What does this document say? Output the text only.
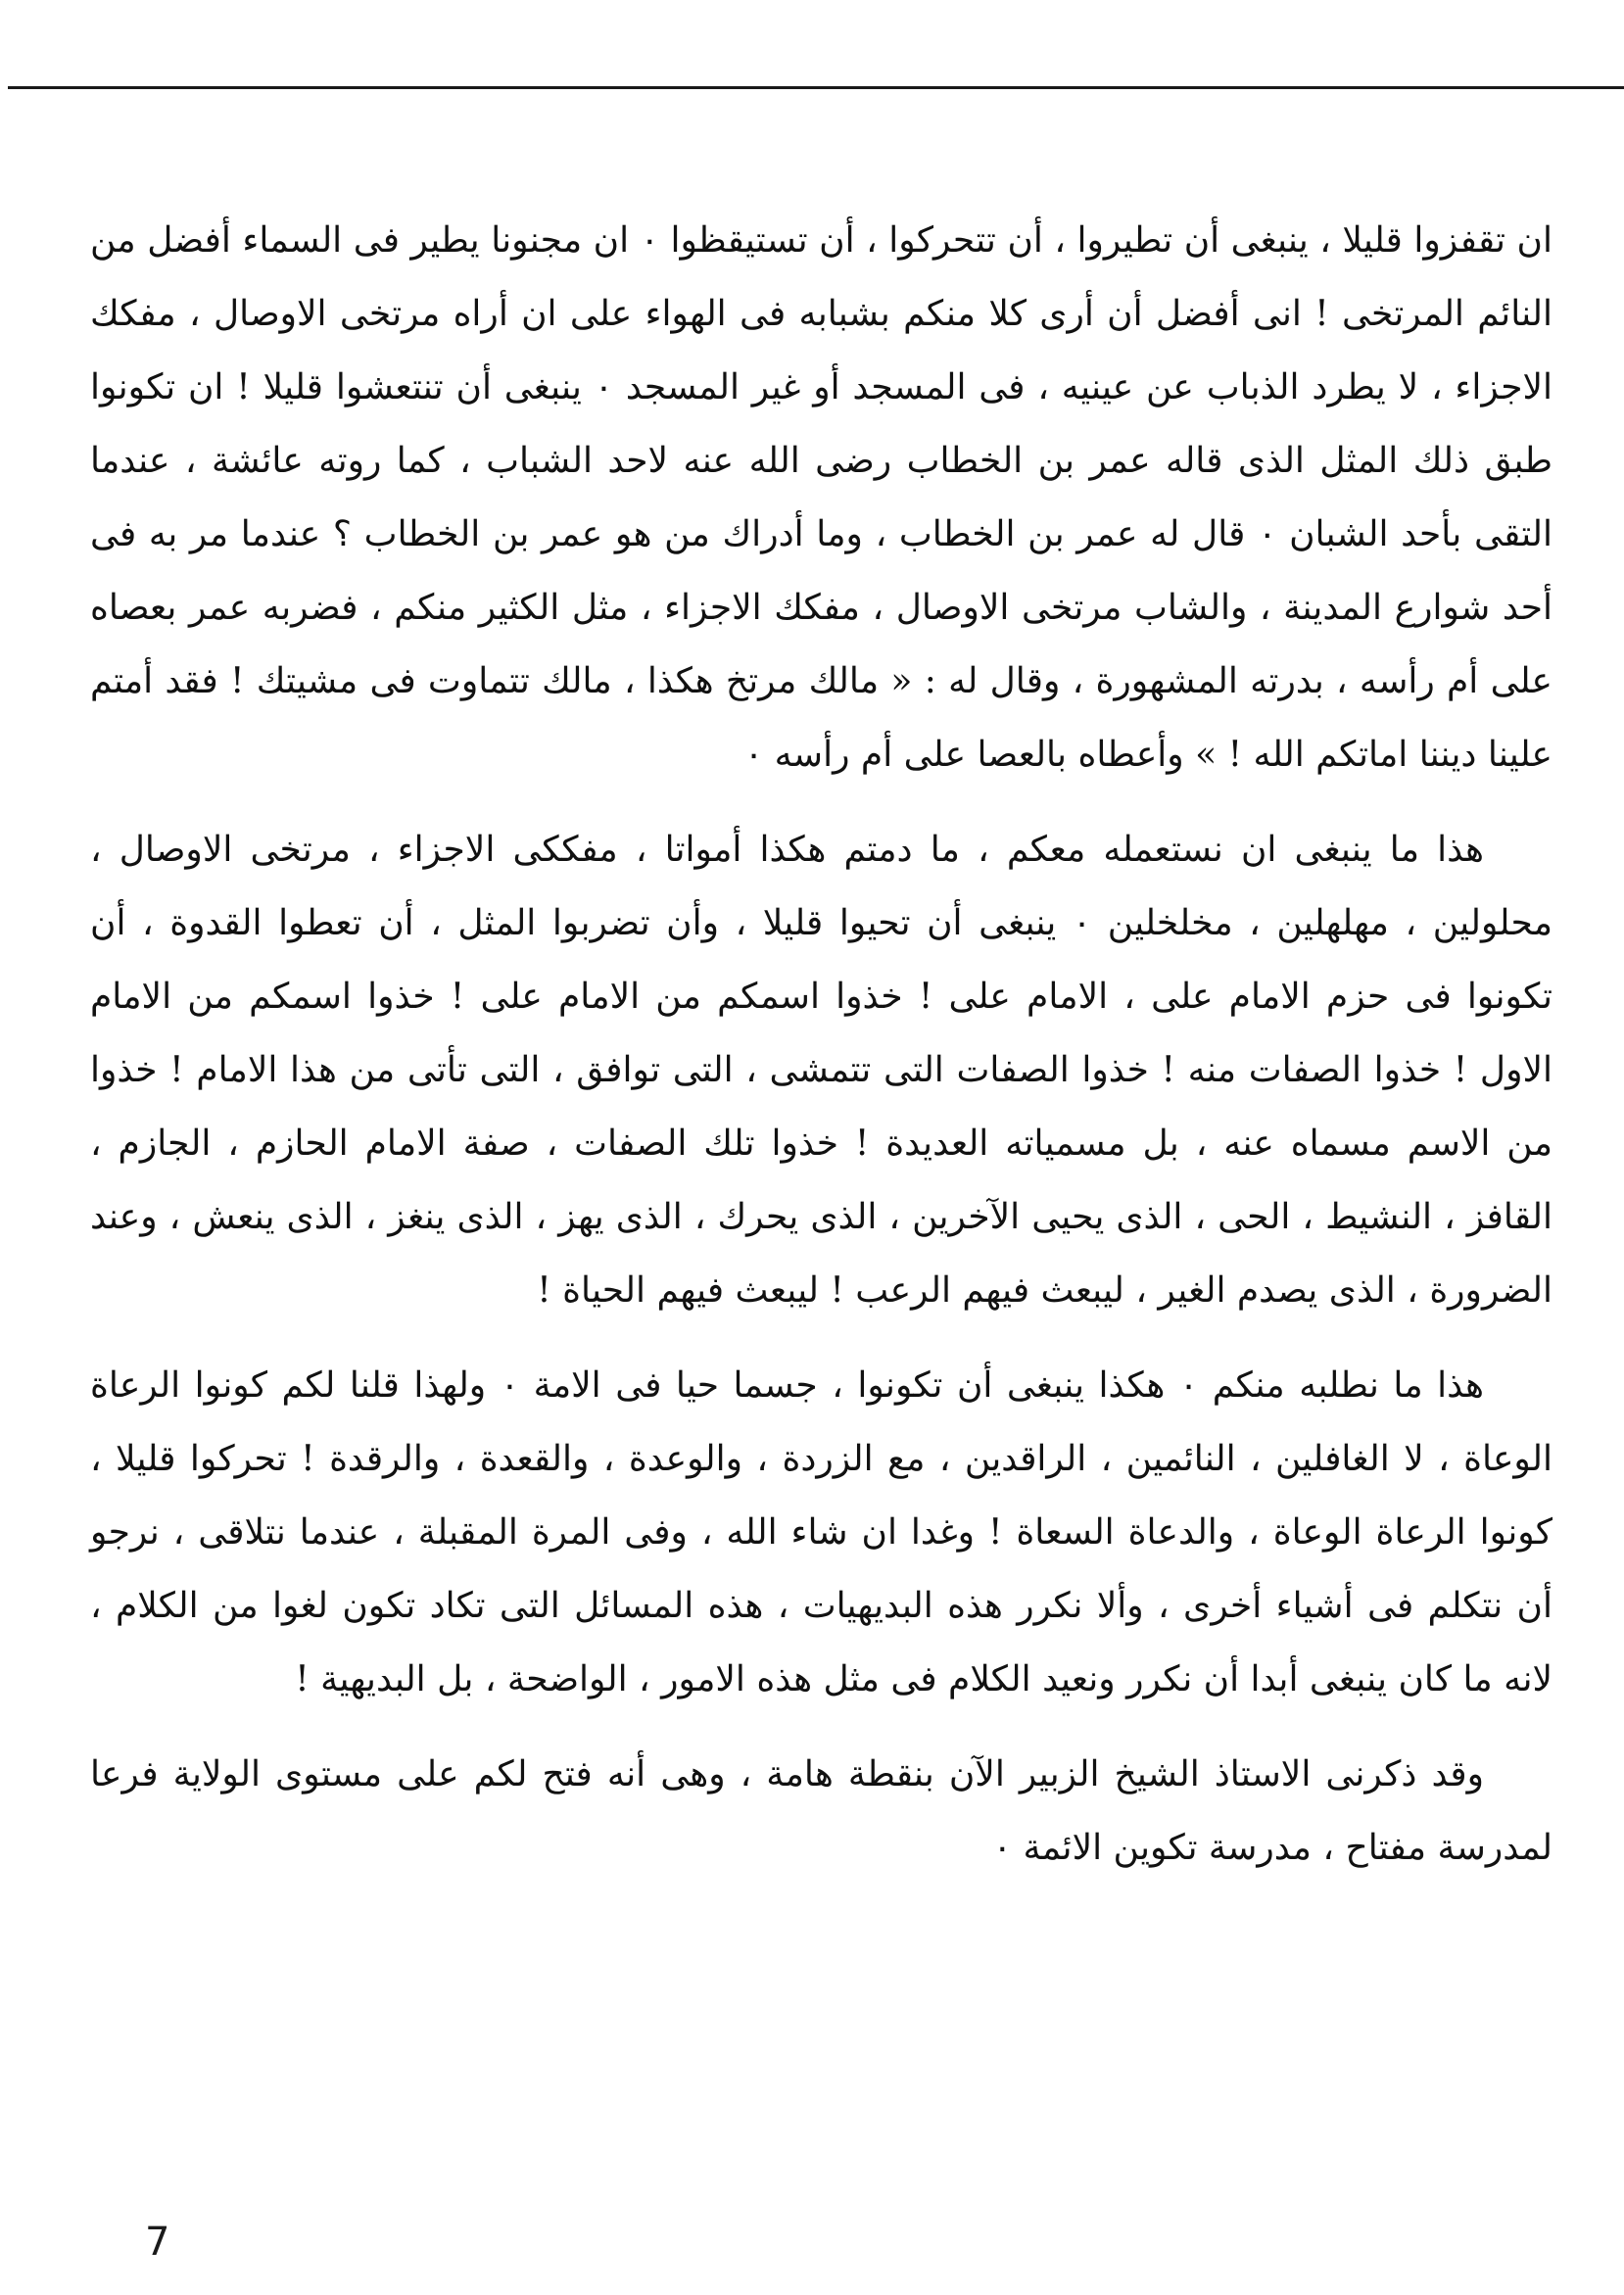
ان تقفزوا قليلا ، ينبغى أن تطيروا ، أن تتحركوا ، أن تستيقظوا ٠ ان مجنونا يطير فى السماء أفضل من النائم المرتخى ! انى أفضل أن أرى كلا منكم بشبابه فى الهواء على ان أراه مرتخى الاوصال ، مفكك الاجزاء ، لا يطرد الذباب عن عينيه ، فى المسجد أو غير المسجد ٠ ينبغى أن تنتعشوا قليلا ! ان تكونوا طبق ذلك المثل الذى قاله عمر بن الخطاب رضى الله عنه لاحد الشباب ، كما روته عائشة ، عندما التقى بأحد الشبان ٠ قال له عمر بن الخطاب ، وما أدراك من هو عمر بن الخطاب ؟ عندما مر به فى أحد شوارع المدينة ، والشاب مرتخى الاوصال ، مفكك الاجزاء ، مثل الكثير منكم ، فضربه عمر بعصاه على أم رأسه ، بدرته المشهورة ، وقال له : « مالك مرتخ هكذا ، مالك تتماوت فى مشيتك ! فقد أمتم علينا ديننا اماتكم الله ! » وأعطاه بالعصا على أم رأسه ٠

هذا ما ينبغى ان نستعمله معكم ، ما دمتم هكذا أمواتا ، مفككى الاجزاء ، مرتخى الاوصال ، محلولين ، مهلهلين ، مخلخلين ٠ ينبغى أن تحيوا قليلا ، وأن تضربوا المثل ، أن تعطوا القدوة ، أن تكونوا فى حزم الامام على ، الامام على ! خذوا اسمكم من الامام على ! خذوا اسمكم من الامام الاول ! خذوا الصفات منه ! خذوا الصفات التى تتمشى ، التى توافق ، التى تأتى من هذا الامام ! خذوا من الاسم مسماه عنه ، بل مسمياته العديدة ! خذوا تلك الصفات ، صفة الامام الحازم ، الجازم ، القافز ، النشيط ، الحى ، الذى يحيى الآخرين ، الذى يحرك ، الذى يهز ، الذى ينغز ، الذى ينعش ، وعند الضرورة ، الذى يصدم الغير ، ليبعث فيهم الرعب ! ليبعث فيهم الحياة !

هذا ما نطلبه منكم ٠ هكذا ينبغى أن تكونوا ، جسما حيا فى الامة ٠ ولهذا قلنا لكم كونوا الرعاة الوعاة ، لا الغافلين ، النائمين ، الراقدين ، مع الزردة ، والوعدة ، والقعدة ، والرقدة ! تحركوا قليلا ، كونوا الرعاة الوعاة ، والدعاة السعاة ! وغدا ان شاء الله ، وفى المرة المقبلة ، عندما نتلاقى ، نرجو أن نتكلم فى أشياء أخرى ، وألا نكرر هذه البديهيات ، هذه المسائل التى تكاد تكون لغوا من الكلام ، لانه ما كان ينبغى أبدا أن نكرر ونعيد الكلام فى مثل هذه الامور ، الواضحة ، بل البديهية !

وقد ذكرنى الاستاذ الشيخ الزبير الآن بنقطة هامة ، وهى أنه فتح لكم على مستوى الولاية فرعا لمدرسة مفتاح ، مدرسة تكوين الائمة ٠

7
